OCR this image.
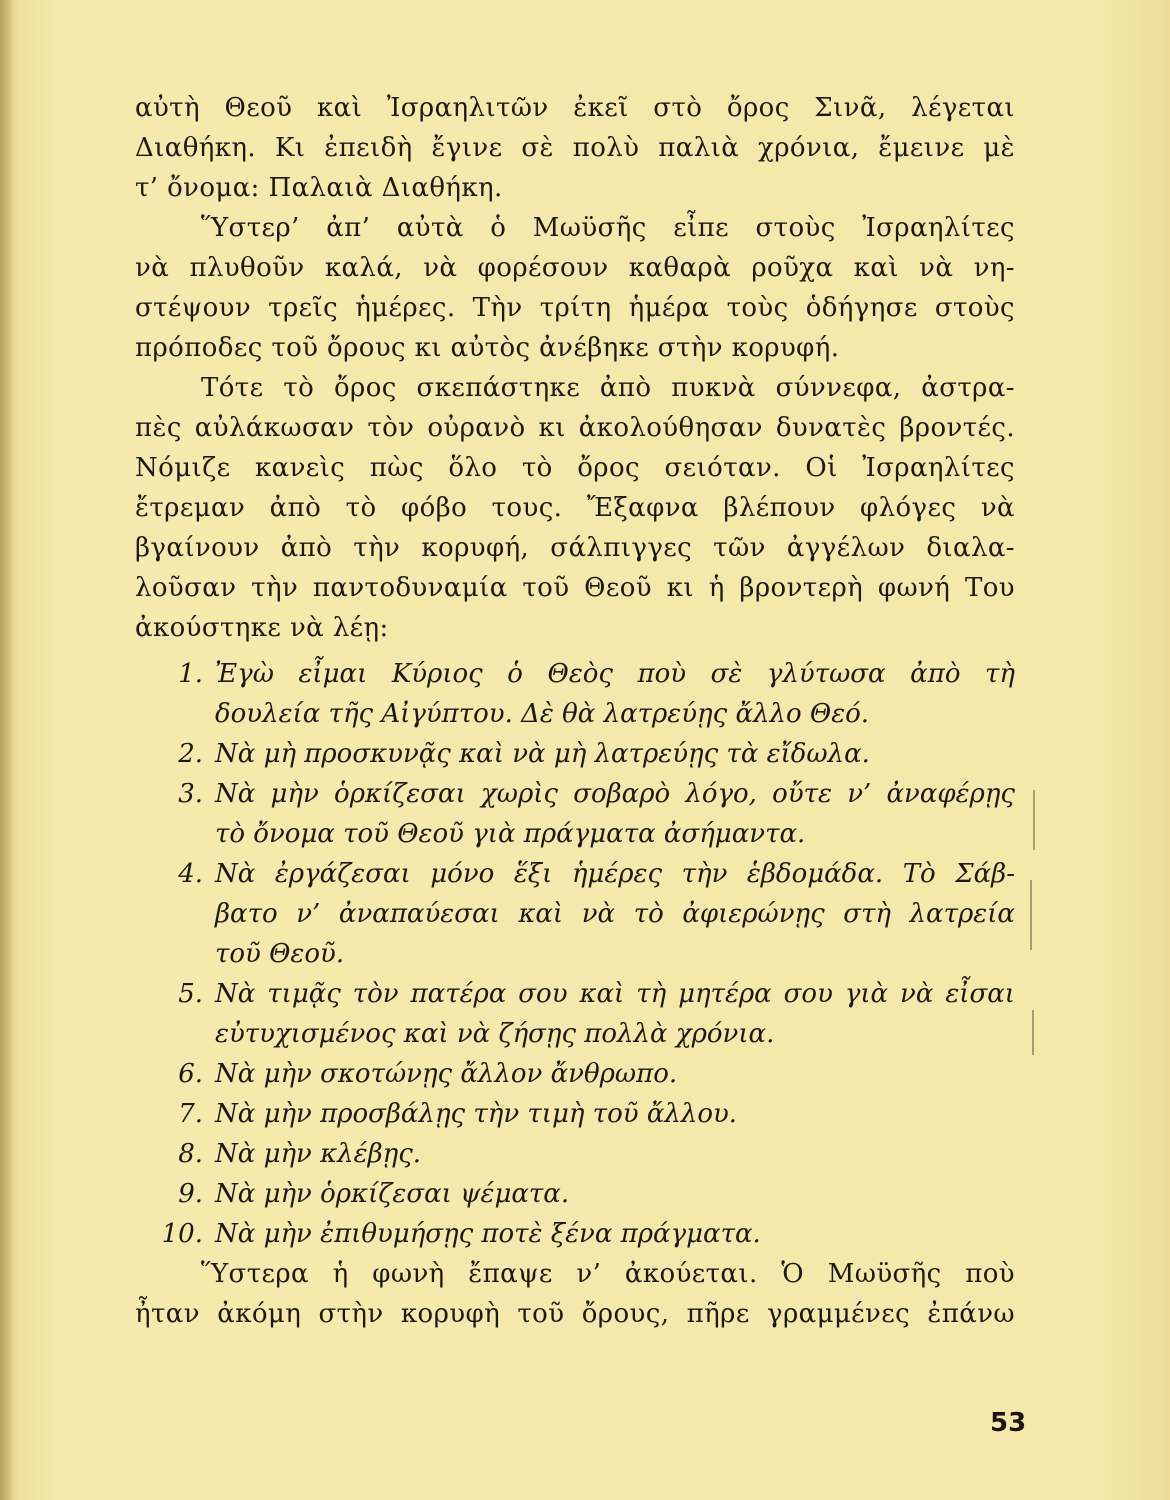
αὐτὴ Θεοῦ καὶ Ἰσραηλιτῶν ἐκεῖ στὸ ὄρος Σινᾶ, λέγεται
Διαθήκη. Κι ἐπειδὴ ἔγινε σὲ πολὺ παλιὰ χρόνια, ἔμεινε μὲ
τ’ ὄνομα: Παλαιὰ Διαθήκη.
Ὕστερ’ ἀπ’ αὐτὰ ὁ Μωϋσῆς εἶπε στοὺς Ἰσραηλίτες
νὰ πλυθοῦν καλά, νὰ φορέσουν καθαρὰ ροῦχα καὶ νὰ νη-
στέψουν τρεῖς ἡμέρες. Τὴν τρίτη ἡμέρα τοὺς ὁδήγησε στοὺς
πρόποδες τοῦ ὄρους κι αὐτὸς ἀνέβηκε στὴν κορυφή.
Τότε τὸ ὄρος σκεπάστηκε ἀπὸ πυκνὰ σύννεφα, ἀστρα-
πὲς αὐλάκωσαν τὸν οὐρανὸ κι ἀκολούθησαν δυνατὲς βροντές.
Νόμιζε κανεὶς πὼς ὅλο τὸ ὄρος σειόταν. Οἱ Ἰσραηλίτες
ἔτρεμαν ἀπὸ τὸ φόβο τους. Ἔξαφνα βλέπουν φλόγες νὰ
βγαίνουν ἀπὸ τὴν κορυφή, σάλπιγγες τῶν ἀγγέλων διαλα-
λοῦσαν τὴν παντοδυναμία τοῦ Θεοῦ κι ἡ βροντερὴ φωνή Του
ἀκούστηκε νὰ λέῃ:
1. Ἐγὼ εἶμαι Κύριος ὁ Θεὸς ποὺ σὲ γλύτωσα ἀπὸ τὴ
δουλεία τῆς Αἰγύπτου. Δὲ θὰ λατρεύῃς ἄλλο Θεό.
2. Νὰ μὴ προσκυνᾷς καὶ νὰ μὴ λατρεύῃς τὰ εἴδωλα.
3. Νὰ μὴν ὁρκίζεσαι χωρὶς σοβαρὸ λόγο, οὔτε ν’ ἀναφέρῃς
τὸ ὄνομα τοῦ Θεοῦ γιὰ πράγματα ἀσήμαντα.
4. Νὰ ἐργάζεσαι μόνο ἕξι ἡμέρες τὴν ἑβδομάδα. Τὸ Σάβ-
βατο ν’ ἀναπαύεσαι καὶ νὰ τὸ ἀφιερώνῃς στὴ λατρεία
τοῦ Θεοῦ.
5. Νὰ τιμᾷς τὸν πατέρα σου καὶ τὴ μητέρα σου γιὰ νὰ εἶσαι
εὐτυχισμένος καὶ νὰ ζήσῃς πολλὰ χρόνια.
6. Νὰ μὴν σκοτώνῃς ἄλλον ἄνθρωπο.
7. Νὰ μὴν προσβάλῃς τὴν τιμὴ τοῦ ἄλλου.
8. Νὰ μὴν κλέβῃς.
9. Νὰ μὴν ὁρκίζεσαι ψέματα.
10. Νὰ μὴν ἐπιθυμήσῃς ποτὲ ξένα πράγματα.
Ὕστερα ἡ φωνὴ ἔπαψε ν’ ἀκούεται. Ὁ Μωϋσῆς ποὺ
ἦταν ἀκόμη στὴν κορυφὴ τοῦ ὄρους, πῆρε γραμμένες ἐπάνω
53
